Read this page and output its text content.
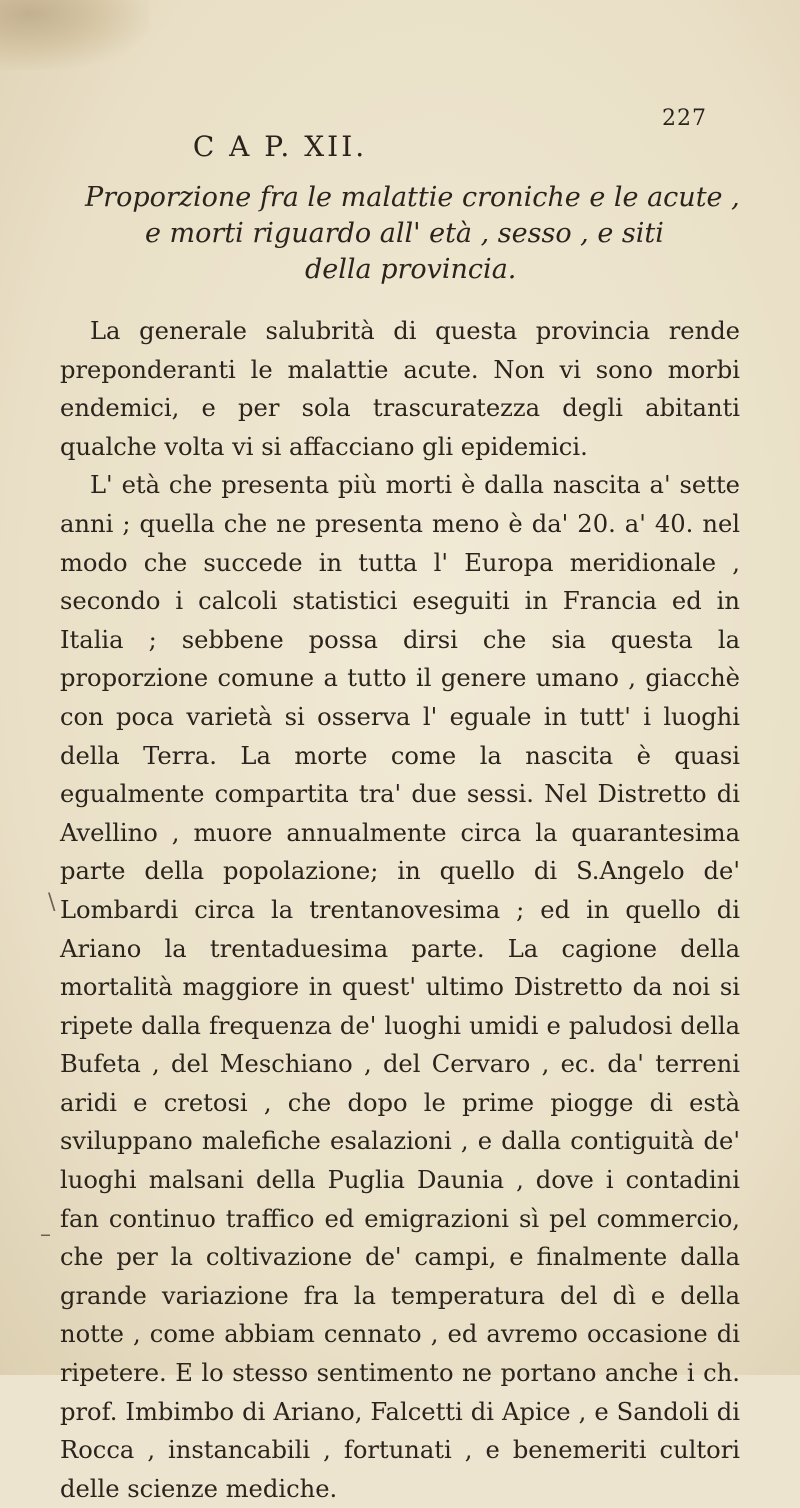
227
C A P. XII.
Proporzione fra le malattie croniche e le acute ,
e morti riguardo all' età , sesso , e siti
della provincia.

La generale salubrità di questa provincia rende preponderanti le malattie acute. Non vi sono morbi endemici, e per sola trascuratezza degli abitanti qualche volta vi si affacciano gli epidemici.

L' età che presenta più morti è dalla nascita a' sette anni ; quella che ne presenta meno è da' 20. a' 40. nel modo che succede in tutta l' Europa meridionale , secondo i calcoli statistici eseguiti in Francia ed in Italia ; sebbene possa dirsi che sia questa la proporzione comune a tutto il genere umano , giacchè con poca varietà si osserva l' eguale in tutt' i luoghi della Terra. La morte come la nascita è quasi egualmente compartita tra' due sessi. Nel Distretto di Avellino , muore annualmente circa la quarantesima parte della popolazione; in quello di S.Angelo de' Lombardi circa la trentanovesima ; ed in quello di Ariano la trentaduesima parte. La cagione della mortalità maggiore in quest' ultimo Distretto da noi si ripete dalla frequenza de' luoghi umidi e paludosi della Bufeta , del Meschiano , del Cervaro , ec. da' terreni aridi e cretosi , che dopo le prime piogge di està sviluppano malefiche esalazioni , e dalla contiguità de' luoghi malsani della Puglia Daunia , dove i contadini fan continuo traffico ed emigrazioni sì pel commercio, che per la coltivazione de' campi, e finalmente dalla grande variazione fra la temperatura del dì e della notte , come abbiam cennato , ed avremo occasione di ripetere. E lo stesso sentimento ne portano anche i ch. prof. Imbimbo di Ariano, Falcetti di Apice , e Sandoli di Rocca , instancabili , fortunati , e benemeriti cultori delle scienze mediche.

\
–
